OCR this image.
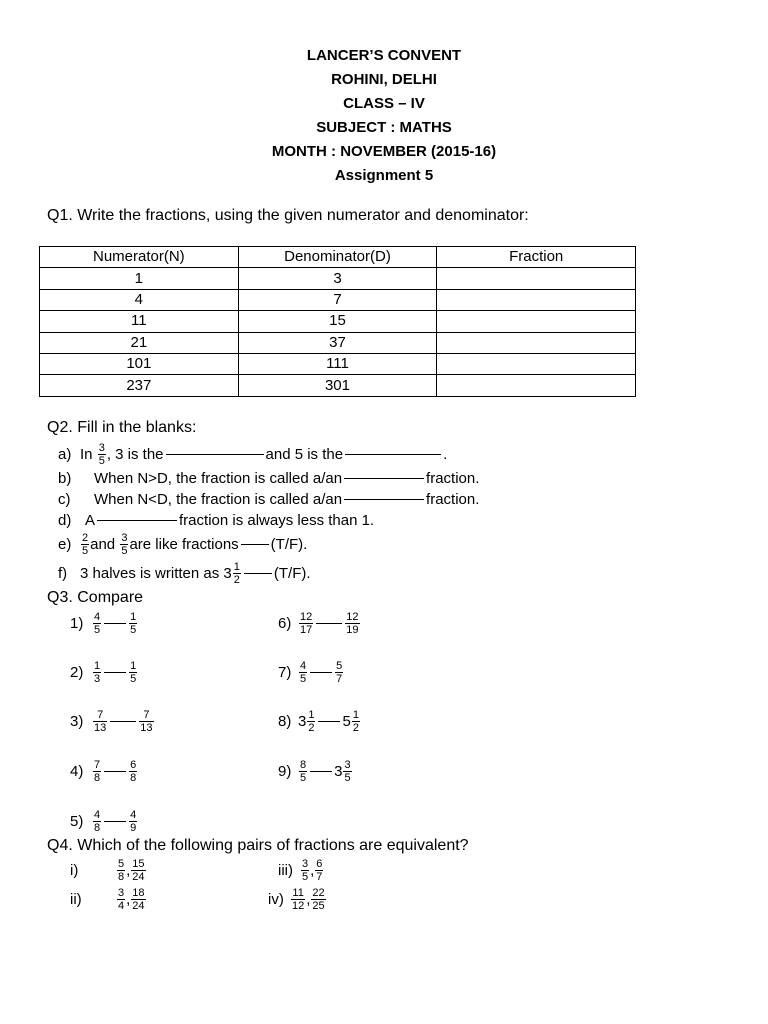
LANCER’S CONVENT
ROHINI, DELHI
CLASS – IV
SUBJECT : MATHS
MONTH : NOVEMBER (2015-16)
Assignment 5
Q1. Write the fractions, using the given numerator and denominator:
Numerator(N)	Denominator(D)	Fraction
1	3	
4	7	
11	15	
21	37	
101	111	
237	301	
Q2. Fill in the blanks:
a) In
$\frac{3}{5}$ , 3 is the	and 5 is the	.
b)	When N>D, the fraction is called a/an	fraction.
c)	When N<D, the fraction is called a/an	fraction.
d) A	fraction is always less than 1.
$e) \frac{2}{5}$ and
$\frac{3}{5}$ are like fractions (T/F).
f) 3 halves is written as $3 \frac{1}{2} (T/F)$.
Q3. Compare
$1) \frac{4}{5}$	$\frac{1}{5}$
$2) \frac{1}{3}$	$\frac{1}{5}$
$3) \frac{7}{13}$	$\frac{7}{13}$
$4) \frac{7}{8}$	$\frac{6}{8}$
$5) \frac{4}{8}$	$\frac{4}{9}$
$6) \frac{12}{17}$	$\frac{12}{19}$
$7) \frac{4}{5}$	$\frac{5}{7}$
8) $3 \frac{1}{2} 5 \frac{1}{2}$
$9) \frac{8}{5} 3 \frac{3}{5}$
Q4. Which of the following pairs of fractions are equivalent?
i)	$\frac{5}{8}$ , $\frac{15}{24}$
ii)	$\frac{3}{4}$ , $\frac{18}{24}$
$iii) \frac{3}{5}$ , $\frac{6}{7}$
$iv) \frac{11}{12}$ , $\frac{22}{25}$
